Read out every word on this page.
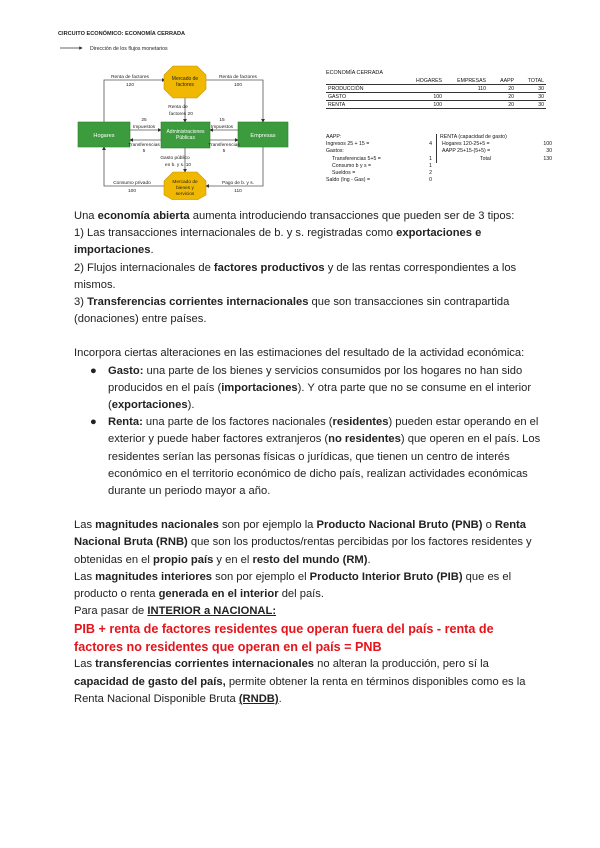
CIRCUITO ECONÓMICO: ECONOMÍA CERRADA
Dirección de los flujos monetarios
Mercado de
factores
Mercado de
bienes y
servicios
Hogares
Administraciones
Públicas	Empresas
Renta de factores
120
Renta de factores
100
Renta de
factores 20
25
Impuestos
15
Impuestos
Transferencias
5
Transferencias
5
Gasto público
en b. y s. 10
Consumo privado
100
Pago de b. y s.
110
ECONOMÍA CERRADA
	HOGARES	EMPRESAS	AAPP	TOTAL
PRODUCCIÓN		110	20	30
GASTO	100		20	30
RENTA	100		20	30
AAPP:
Ingresos 25 + 15 =	4
Gastos:
Transferencias 5+5 =	1
Consumo b y s =	1
Sueldos =	2
Saldo (Ing - Gas) =	0
RENTA (capacidad de gasto)
Hogares 120-25+5 =	100
AAPP 25+15-(5+5) =	30
Total	130

Una economía abierta aumenta introduciendo transacciones que pueden ser de 3 tipos:

1) Las transacciones internacionales de b. y s. registradas como exportaciones e importaciones.

2) Flujos internacionales de factores productivos y de las rentas correspondientes a los mismos.

3) Transferencias corrientes internacionales que son transacciones sin contrapartida (donaciones) entre países.

Incorpora ciertas alteraciones en las estimaciones del resultado de la actividad económica:

● Gasto: una parte de los bienes y servicios consumidos por los hogares no han sido producidos en el país (importaciones). Y otra parte que no se consume en el interior (exportaciones).
● Renta: una parte de los factores nacionales (residentes) pueden estar operando en el exterior y puede haber factores extranjeros (no residentes) que operen en el país. Los residentes serían las personas físicas o jurídicas, que tienen un centro de interés económico en el territorio económico de dicho país, realizan actividades económicas durante un periodo mayor a año.

Las magnitudes nacionales son por ejemplo la Producto Nacional Bruto (PNB) o Renta Nacional Bruta (RNB) que son los productos/rentas percibidas por los factores residentes y obtenidas en el propio país y en el resto del mundo (RM).

Las magnitudes interiores son por ejemplo el Producto Interior Bruto (PIB) que es el producto o renta generada en el interior del país.

Para pasar de INTERIOR a NACIONAL:

PIB + renta de factores residentes que operan fuera del país - renta de factores no residentes que operan en el país = PNB

Las transferencias corrientes internacionales no alteran la producción, pero sí la capacidad de gasto del país, permite obtener la renta en términos disponibles como es la Renta Nacional Disponible Bruta (RNDB).
